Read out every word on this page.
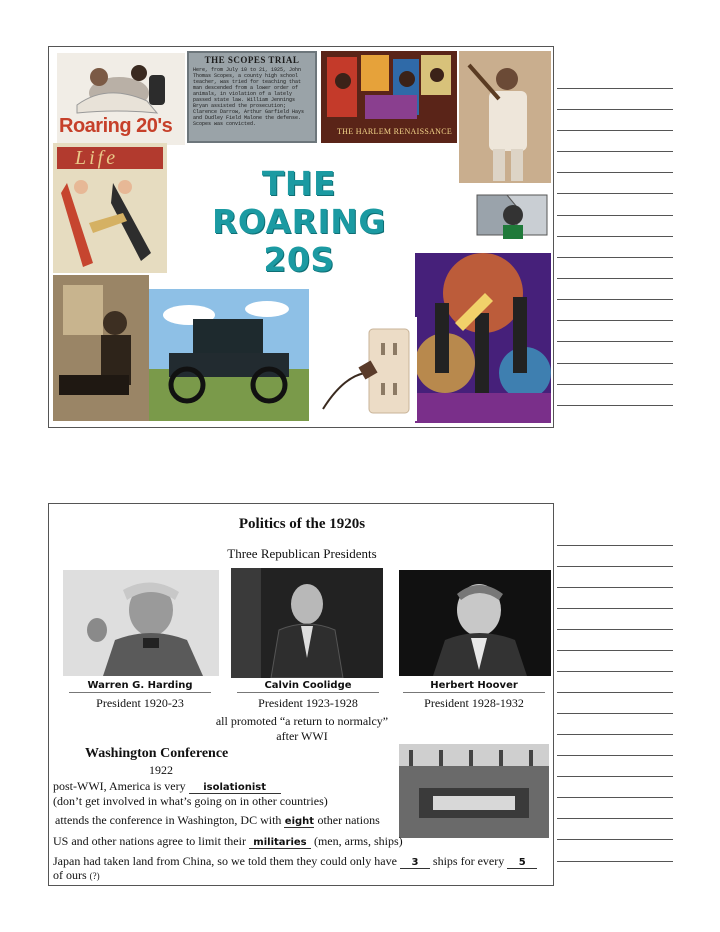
Roaring 20's
THE SCOPES TRIAL
Here, from July 10 to 21, 1925, John Thomas Scopes, a county high school teacher, was tried for teaching that man descended from a lower order of animals, in violation of a lately passed state law. William Jennings Bryan assisted the prosecution; Clarence Darrow, Arthur Garfield Hays and Dudley Field Malone the defense. Scopes was convicted.
THE HARLEM RENAISSANCE
Life
THE
ROARING
20S
Politics of the 1920s
Three Republican Presidents
Warren G. Harding
President 1920-23
Calvin Coolidge
President 1923-1928
Herbert Hoover
President 1928-1932
all promoted “a return to normalcy”
after WWI
Washington Conference
1922
post-WWI, America is very isolationist
(don’t get involved in what’s going on in other countries)
attends the conference in Washington, DC with eight other nations
US and other nations agree to limit their militaries (men, arms, ships)
Japan had taken land from China, so we told them they could only have 3 ships for every 5
of ours (?)
